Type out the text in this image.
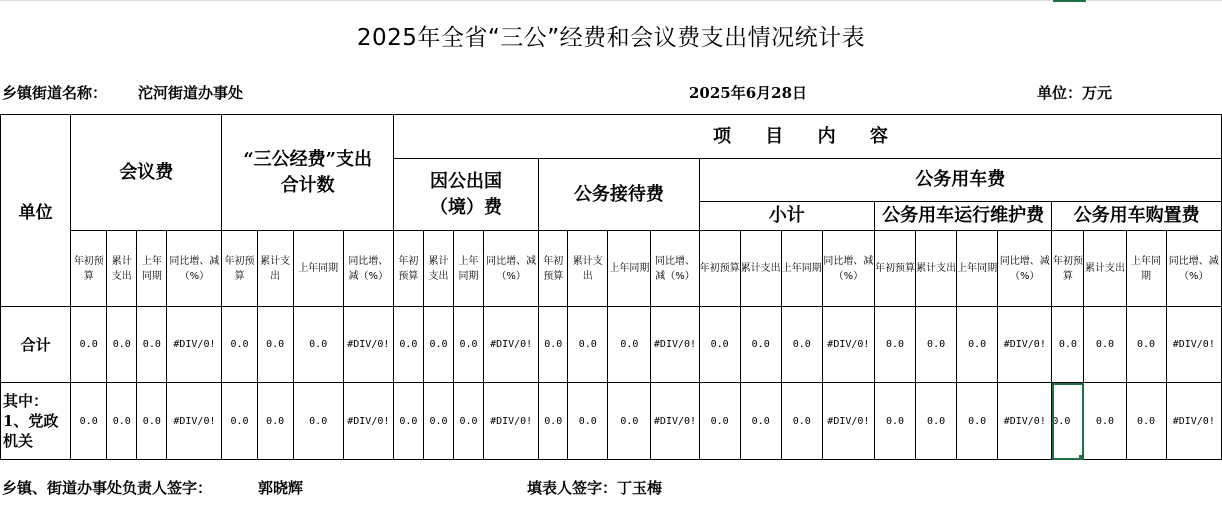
2025年全省“三公”经费和会议费支出情况统计表
乡镇街道名称： 沱河街道办事处	2025年6月28日	单位：万元
单位	会议费				“三公经费”支出　　合计数				项 目 内 容																			
									因公出国（境）费				公务接待费				公务用车费											
																	小计				公务用车运行维护费				公务用车购置费			
	年初预算	累计支出	上年同期	同比增、减（%）	年初预算	累计支出	上年同期	同比增、减（%）	年初预算	累计支出	上年同期	同比增、减（%）	年初预算	累计支出	上年同期	同比增、减（%）	年初预算	累计支出	上年同期	同比增、减（%）	年初预算	累计支出	上年同期	同比增、减（%）	年初预算	累计支出	上年同期	同比增、减（%）
合计	0.0	0.0	0.0	#DIV/0!	0.0	0.0	0.0	#DIV/0!	0.0	0.0	0.0	#DIV/0!	0.0	0.0	0.0	#DIV/0!	0.0	0.0	0.0	#DIV/0!	0.0	0.0	0.0	#DIV/0!	0.0	0.0	0.0	#DIV/0!
其中：1、党政机关	0.0	0.0	0.0	#DIV/0!	0.0	0.0	0.0	#DIV/0!	0.0	0.0	0.0	#DIV/0!	0.0	0.0	0.0	#DIV/0!	0.0	0.0	0.0	#DIV/0!	0.0	0.0	0.0	#DIV/0!	0.0	0.0	0.0	#DIV/0!
乡镇、街道办事处负责人签字：	郭晓辉	填表人签字：丁玉梅
